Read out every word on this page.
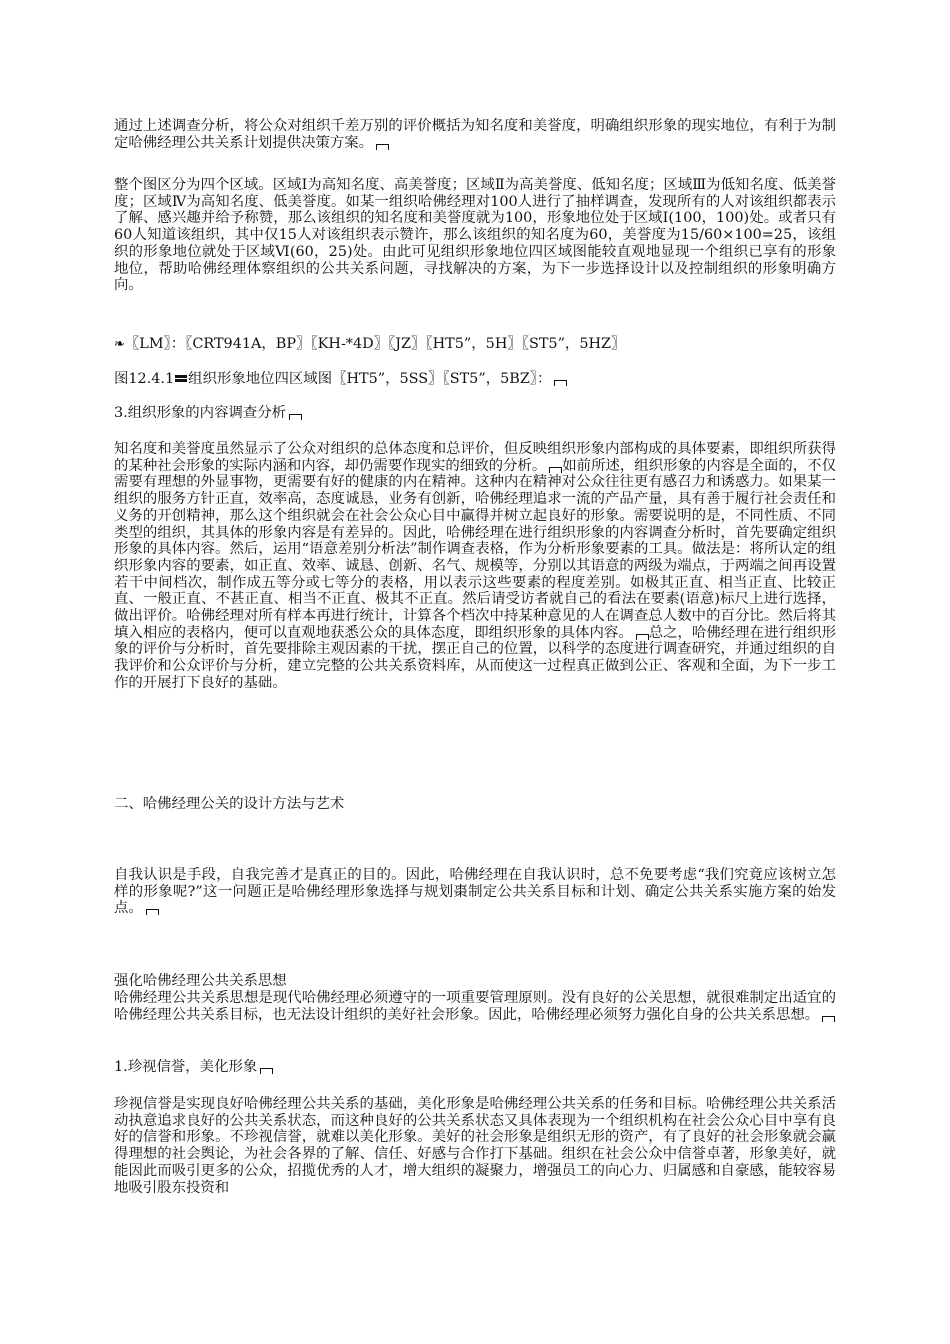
通过上述调查分析，将公众对组织千差万别的评价概括为知名度和美誉度，明确组织形象的现实地位，有利于为制定哈佛经理公共关系计划提供决策方案。

整个图区分为四个区域。区域Ⅰ为高知名度、高美誉度；区域Ⅱ为高美誉度、低知名度；区域Ⅲ为低知名度、低美誉度；区域Ⅳ为高知名度、低美誉度。如某一组织哈佛经理对100人进行了抽样调查，发现所有的人对该组织都表示了解、感兴趣并给予称赞，那么该组织的知名度和美誉度就为100，形象地位处于区域Ⅰ(100，100)处。或者只有60人知道该组织，其中仅15人对该组织表示赞许，那么该组织的知名度为60，美誉度为15/60×100=25，该组织的形象地位就处于区域Ⅵ(60，25)处。由此可见组织形象地位四区域图能较直观地显现一个组织已享有的形象地位，帮助哈佛经理体察组织的公共关系问题，寻找解决的方案，为下一步选择设计以及控制组织的形象明确方向。

❧〖LM〗：〖CRT941A，BP〗〖KH-*4D〗〖JZ〗〖HT5”，5H〗〖ST5”，5HZ〗

图12.4.1 组织形象地位四区域图〖HT5”，5SS〗〖ST5”，5BZ〗：

3.组织形象的内容调查分析

知名度和美誉度虽然显示了公众对组织的总体态度和总评价，但反映组织形象内部构成的具体要素，即组织所获得的某种社会形象的实际内涵和内容，却仍需要作现实的细致的分析。 如前所述，组织形象的内容是全面的，不仅需要有理想的外显事物，更需要有好的健康的内在精神。这种内在精神对公众往往更有感召力和诱惑力。如果某一组织的服务方针正直，效率高，态度诚恳，业务有创新，哈佛经理追求一流的产品产量，具有善于履行社会责任和义务的开创精神，那么这个组织就会在社会公众心目中赢得并树立起良好的形象。需要说明的是，不同性质、不同类型的组织，其具体的形象内容是有差异的。因此，哈佛经理在进行组织形象的内容调查分析时，首先要确定组织形象的具体内容。然后，运用“语意差别分析法”制作调查表格，作为分析形象要素的工具。做法是：将所认定的组织形象内容的要素，如正直、效率、诚恳、创新、名气、规模等，分别以其语意的两级为端点，于两端之间再设置若干中间档次，制作成五等分或七等分的表格，用以表示这些要素的程度差别。如极其正直、相当正直、比较正直、一般正直、不甚正直、相当不正直、极其不正直。然后请受访者就自己的看法在要素(语意)标尺上进行选择，做出评价。哈佛经理对所有样本再进行统计，计算各个档次中持某种意见的人在调查总人数中的百分比。然后将其填入相应的表格内，便可以直观地获悉公众的具体态度，即组织形象的具体内容。 总之，哈佛经理在进行组织形象的评价与分析时，首先要排除主观因素的干扰，摆正自己的位置，以科学的态度进行调查研究，并通过组织的自我评价和公众评价与分析，建立完整的公共关系资料库，从而使这一过程真正做到公正、客观和全面，为下一步工作的开展打下良好的基础。

二、哈佛经理公关的设计方法与艺术

自我认识是手段，自我完善才是真正的目的。因此，哈佛经理在自我认识时，总不免要考虑“我们究竟应该树立怎样的形象呢?”这一问题正是哈佛经理形象选择与规划棗制定公共关系目标和计划、确定公共关系实施方案的始发点。

强化哈佛经理公共关系思想

哈佛经理公共关系思想是现代哈佛经理必须遵守的一项重要管理原则。没有良好的公关思想，就很难制定出适宜的哈佛经理公共关系目标，也无法设计组织的美好社会形象。因此，哈佛经理必须努力强化自身的公共关系思想。

1.珍视信誉，美化形象

珍视信誉是实现良好哈佛经理公共关系的基础，美化形象是哈佛经理公共关系的任务和目标。哈佛经理公共关系活动执意追求良好的公共关系状态，而这种良好的公共关系状态又具体表现为一个组织机构在社会公众心目中享有良好的信誉和形象。不珍视信誉，就难以美化形象。美好的社会形象是组织无形的资产，有了良好的社会形象就会赢得理想的社会舆论，为社会各界的了解、信任、好感与合作打下基础。组织在社会公众中信誉卓著，形象美好，就能因此而吸引更多的公众，招揽优秀的人才，增大组织的凝聚力，增强员工的向心力、归属感和自豪感，能较容易地吸引股东投资和
